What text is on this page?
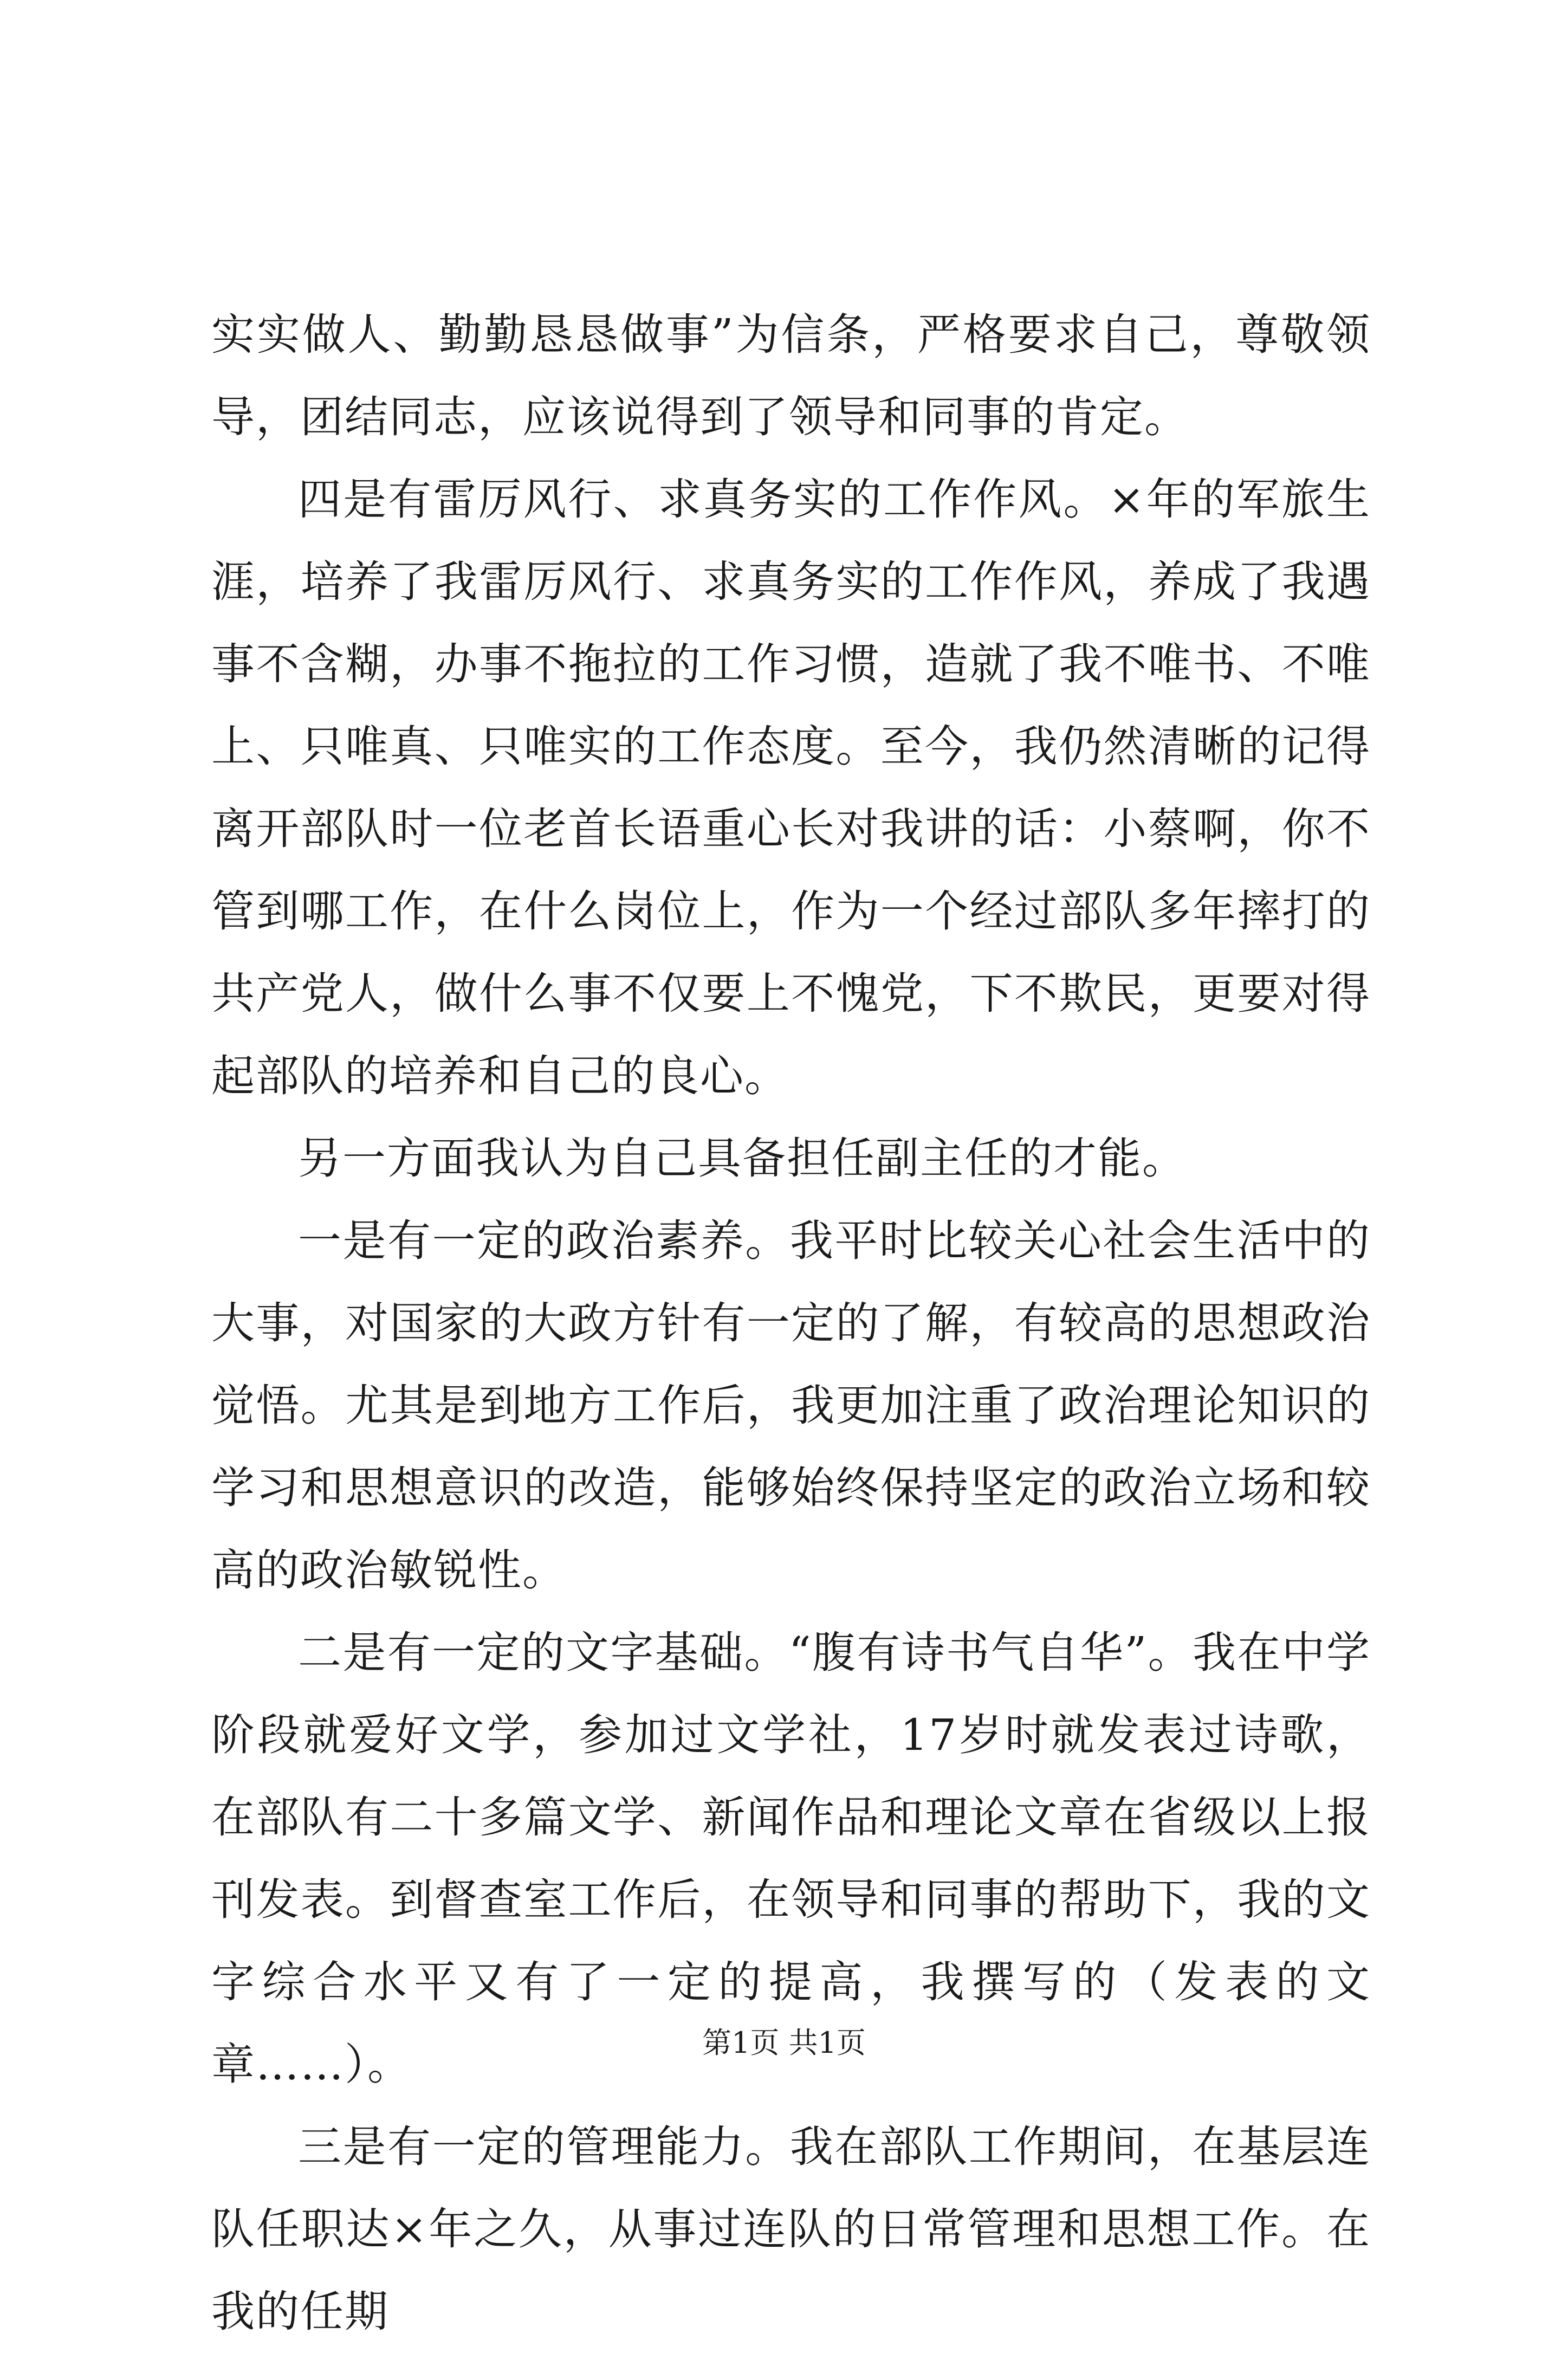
实实做人、勤勤恳恳做事”为信条，严格要求自己，尊敬领导，团结同志，应该说得到了领导和同事的肯定。

四是有雷厉风行、求真务实的工作作风。×年的军旅生涯，培养了我雷厉风行、求真务实的工作作风，养成了我遇事不含糊，办事不拖拉的工作习惯，造就了我不唯书、不唯上、只唯真、只唯实的工作态度。至今，我仍然清晰的记得离开部队时一位老首长语重心长对我讲的话：小蔡啊，你不管到哪工作，在什么岗位上，作为一个经过部队多年摔打的共产党人，做什么事不仅要上不愧党，下不欺民，更要对得起部队的培养和自己的良心。

另一方面我认为自己具备担任副主任的才能。

一是有一定的政治素养。我平时比较关心社会生活中的大事，对国家的大政方针有一定的了解，有较高的思想政治觉悟。尤其是到地方工作后，我更加注重了政治理论知识的学习和思想意识的改造，能够始终保持坚定的政治立场和较高的政治敏锐性。

二是有一定的文字基础。“腹有诗书气自华”。我在中学阶段就爱好文学，参加过文学社，17岁时就发表过诗歌，在部队有二十多篇文学、新闻作品和理论文章在省级以上报刊发表。到督查室工作后，在领导和同事的帮助下，我的文字综合水平又有了一定的提高，我撰写的（发表的文章……）。

三是有一定的管理能力。我在部队工作期间，在基层连队任职达×年之久，从事过连队的日常管理和思想工作。在我的任期

第1页 共1页
